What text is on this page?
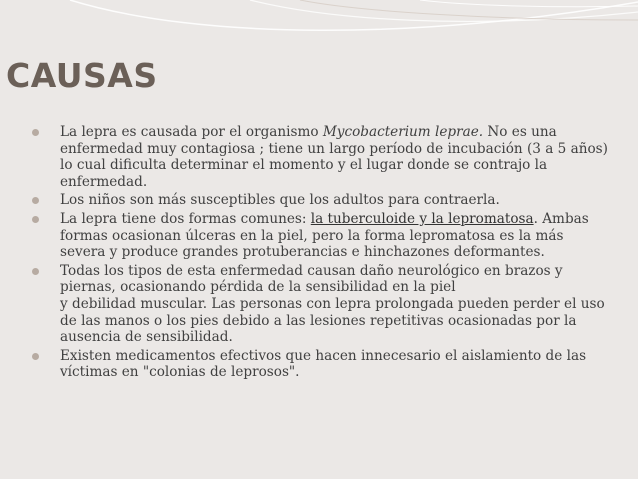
CAUSAS
La lepra es causada por el organismo Mycobacterium leprae. No es una enfermedad muy contagiosa ; tiene un largo período de incubación (3 a 5 años) lo cual dificulta determinar el momento y el lugar donde se contrajo la enfermedad.
Los niños son más susceptibles que los adultos para contraerla.
La lepra tiene dos formas comunes: la tuberculoide y la lepromatosa. Ambas formas ocasionan úlceras en la piel, pero la forma lepromatosa es la más severa y produce grandes protuberancias e hinchazones deformantes.
Todas los tipos de esta enfermedad causan daño neurológico en brazos y piernas, ocasionando pérdida de la sensibilidad en la piel
y debilidad muscular. Las personas con lepra prolongada pueden perder el uso de las manos o los pies debido a las lesiones repetitivas ocasionadas por la ausencia de sensibilidad.
Existen medicamentos efectivos que hacen innecesario el aislamiento de las víctimas en "colonias de leprosos".
